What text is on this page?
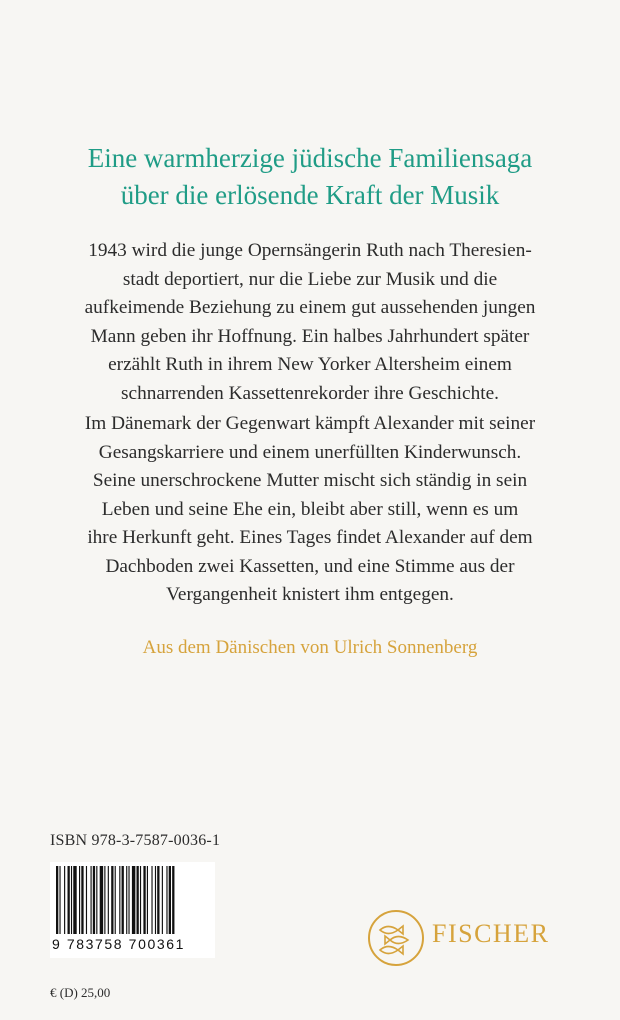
Eine warmherzige jüdische Familiensaga
über die erlösende Kraft der Musik
1943 wird die junge Opernsängerin Ruth nach Theresien-
stadt deportiert, nur die Liebe zur Musik und die
aufkeimende Beziehung zu einem gut aussehenden jungen
Mann geben ihr Hoffnung. Ein halbes Jahrhundert später
erzählt Ruth in ihrem New Yorker Altersheim einem
schnarrenden Kassettenrekorder ihre Geschichte.
Im Dänemark der Gegenwart kämpft Alexander mit seiner
Gesangskarriere und einem unerfüllten Kinderwunsch.
Seine unerschrockene Mutter mischt sich ständig in sein
Leben und seine Ehe ein, bleibt aber still, wenn es um
ihre Herkunft geht. Eines Tages findet Alexander auf dem
Dachboden zwei Kassetten, und eine Stimme aus der
Vergangenheit knistert ihm entgegen.
Aus dem Dänischen von Ulrich Sonnenberg
ISBN 978-3-7587-0036-1
9 783758 700361
€ (D) 25,00
FISCHER
